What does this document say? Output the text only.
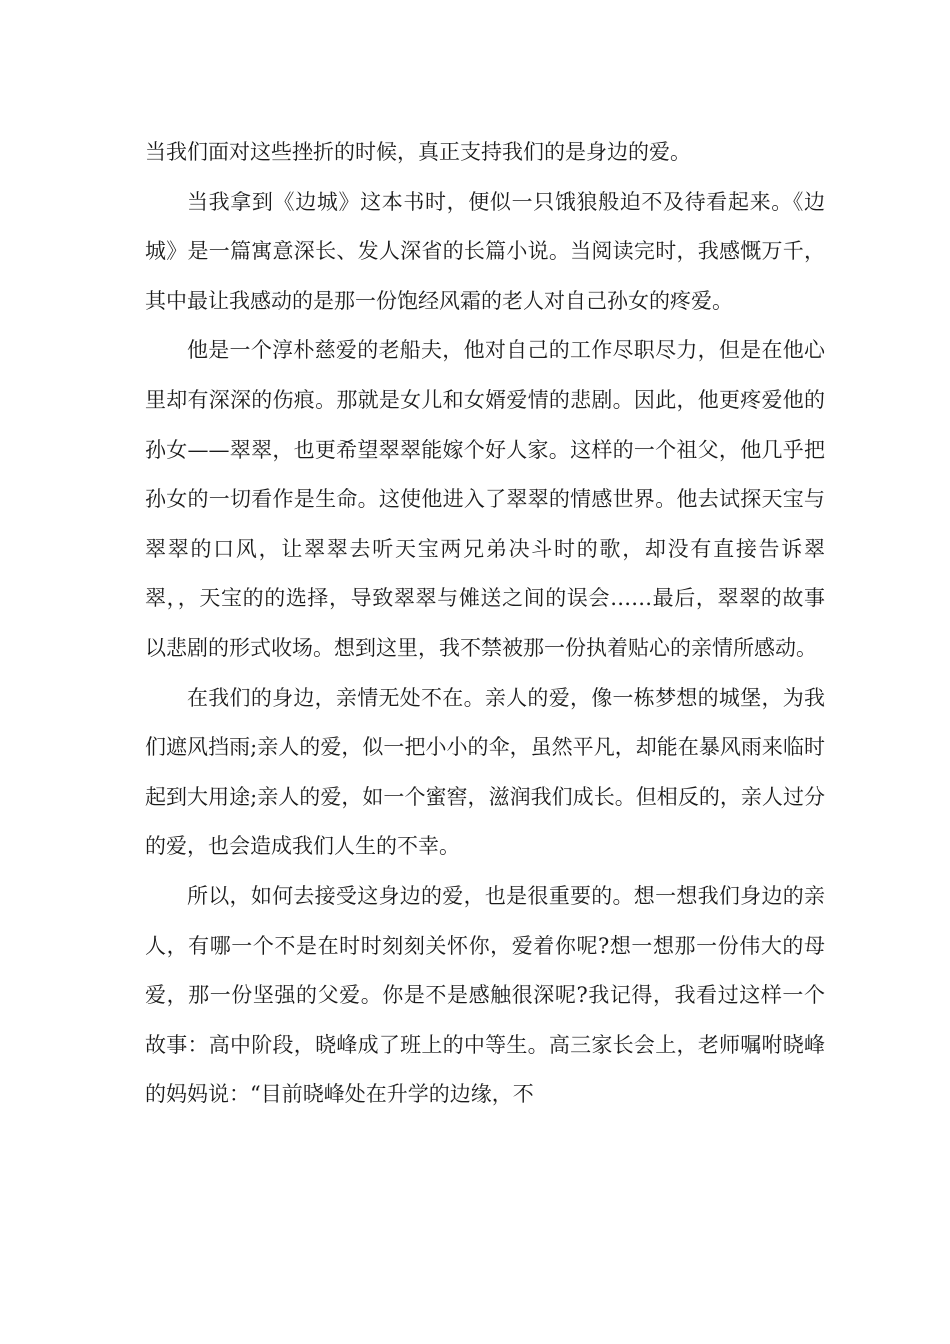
当我们面对这些挫折的时候，真正支持我们的是身边的爱。

当我拿到《边城》这本书时，便似一只饿狼般迫不及待看起来。《边城》是一篇寓意深长、发人深省的长篇小说。当阅读完时，我感慨万千，其中最让我感动的是那一份饱经风霜的老人对自己孙女的疼爱。

他是一个淳朴慈爱的老船夫，他对自己的工作尽职尽力，但是在他心里却有深深的伤痕。那就是女儿和女婿爱情的悲剧。因此，他更疼爱他的孙女——翠翠，也更希望翠翠能嫁个好人家。这样的一个祖父，他几乎把孙女的一切看作是生命。这使他进入了翠翠的情感世界。他去试探天宝与翠翠的口风，让翠翠去听天宝两兄弟决斗时的歌，却没有直接告诉翠翠，，天宝的的选择，导致翠翠与傩送之间的误会……最后，翠翠的故事以悲剧的形式收场。想到这里，我不禁被那一份执着贴心的亲情所感动。

在我们的身边，亲情无处不在。亲人的爱，像一栋梦想的城堡，为我们遮风挡雨;亲人的爱，似一把小小的伞，虽然平凡，却能在暴风雨来临时起到大用途;亲人的爱，如一个蜜窖，滋润我们成长。但相反的，亲人过分的爱，也会造成我们人生的不幸。

所以，如何去接受这身边的爱，也是很重要的。想一想我们身边的亲人，有哪一个不是在时时刻刻关怀你，爱着你呢?想一想那一份伟大的母爱，那一份坚强的父爱。你是不是感触很深呢?我记得，我看过这样一个故事：高中阶段，晓峰成了班上的中等生。高三家长会上，老师嘱咐晓峰的妈妈说：“目前晓峰处在升学的边缘，不
